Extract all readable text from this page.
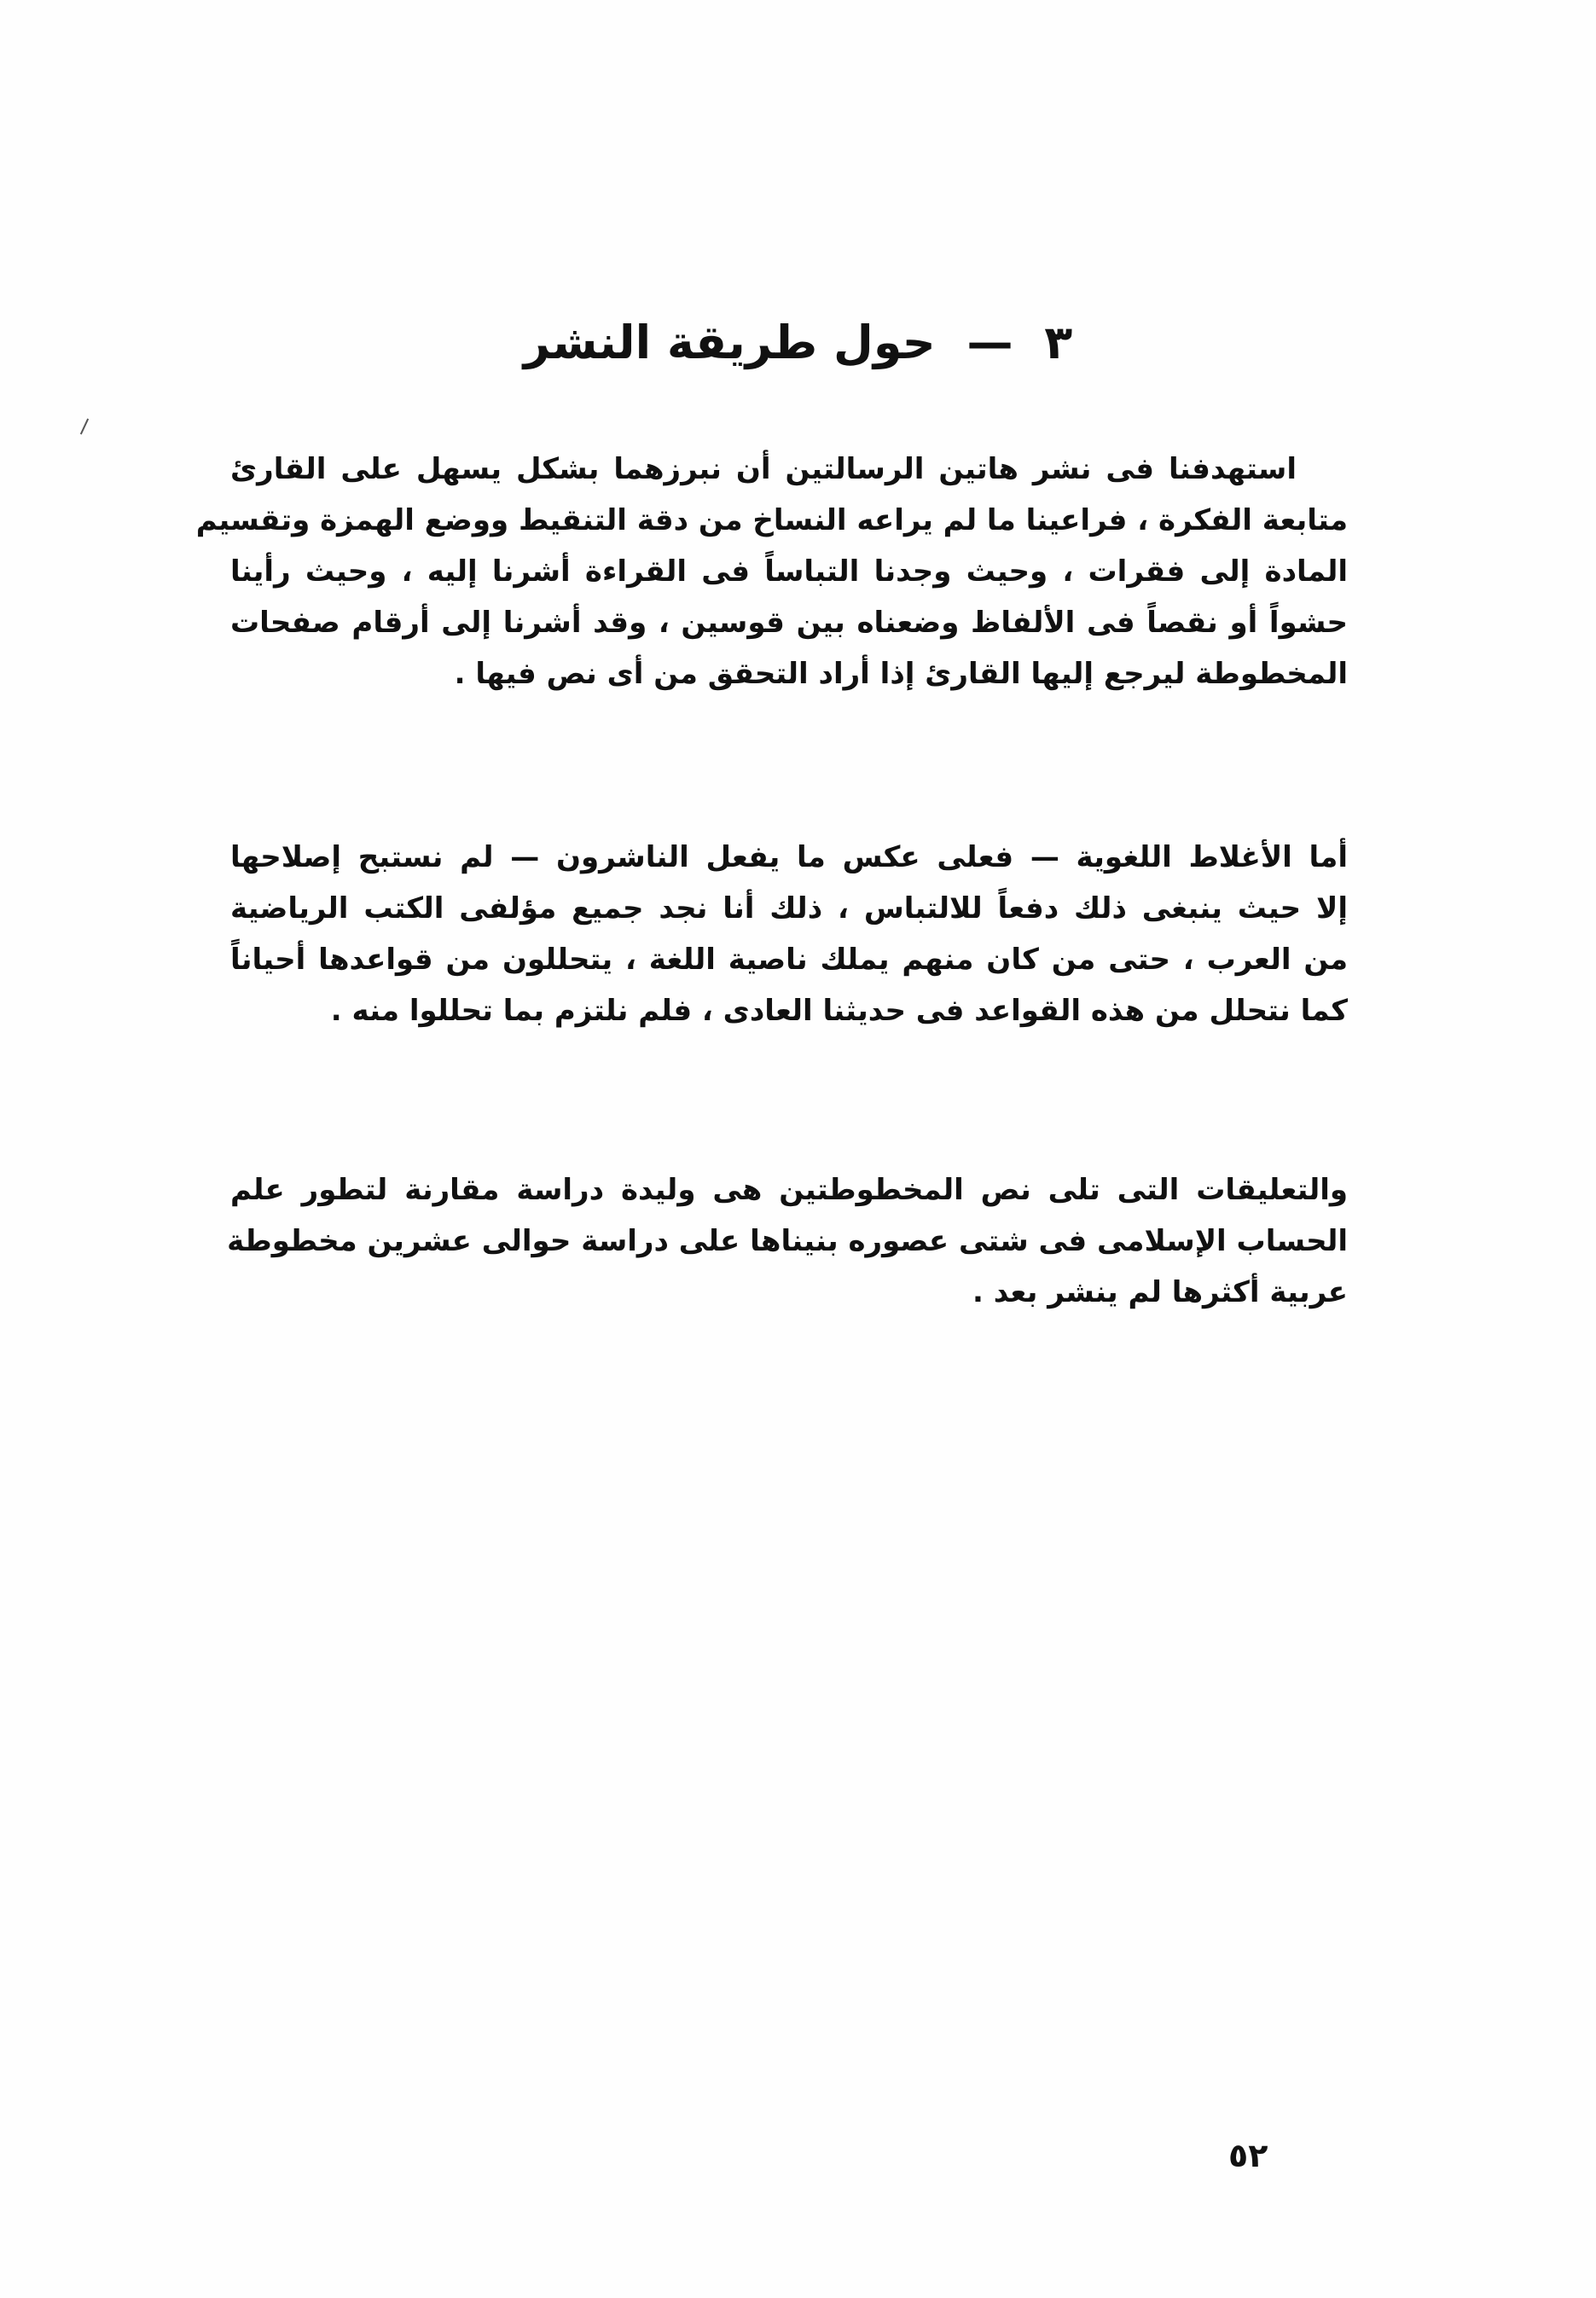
٣ — حول طريقة النشر
استهدفنا فى نشر هاتين الرسالتين أن نبرزهما بشكل يسهل على القارئ
متابعة الفكرة ، فراعينا ما لم يراعه النساخ من دقة التنقيط ووضع الهمزة وتقسيم
المادة إلى فقرات ، وحيث وجدنا التباساً فى القراءة أشرنا إليه ، وحيث رأينا
حشواً أو نقصاً فى الألفاظ وضعناه بين قوسين ، وقد أشرنا إلى أرقام صفحات
المخطوطة ليرجع إليها القارئ إذا أراد التحقق من أى نص فيها .
أما الأغلاط اللغوية — فعلى عكس ما يفعل الناشرون — لم نستبح إصلاحها
إلا حيث ينبغى ذلك دفعاً للالتباس ، ذلك أنا نجد جميع مؤلفى الكتب الرياضية
من العرب ، حتى من كان منهم يملك ناصية اللغة ، يتحللون من قواعدها أحياناً
كما نتحلل من هذه القواعد فى حديثنا العادى ، فلم نلتزم بما تحللوا منه .
والتعليقات التى تلى نص المخطوطتين هى وليدة دراسة مقارنة لتطور علم
الحساب الإسلامى فى شتى عصوره بنيناها على دراسة حوالى عشرين مخطوطة
عربية أكثرها لم ينشر بعد .
٥٢
